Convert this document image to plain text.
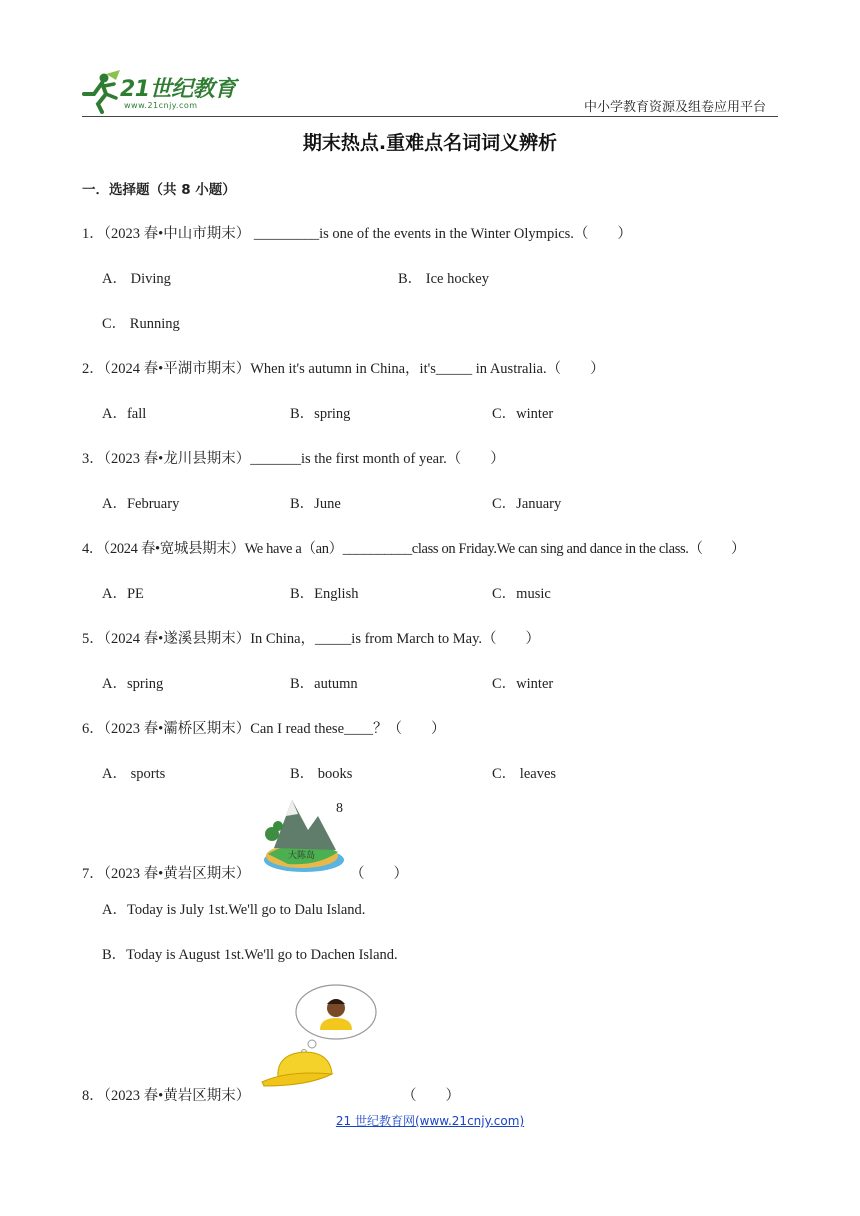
21世纪教育
www.21cnjy.com	中小学教育资源及组卷应用平台
期末热点.重难点名词词义辨析
一．选择题（共 8 小题）
1．（2023 春•中山市期末） _________is one of the events in the Winter Olympics.（　　）
A． Diving	B． Ice hockey
C． Running
2．（2024 春•平湖市期末）When it's autumn in China，it's_____ in Australia.（　　）
A．fall	B．spring	C．winter
3．（2023 春•龙川县期末）_______is the first month of year.（　　）
A．February	B．June	C．January
4．（2024 春•宽城县期末）We have a（an）__________class on Friday.We can sing and dance in the class.（　　）
A．PE	B．English	C．music
5．（2024 春•遂溪县期末）In China，_____is from March to May.（　　）
A．spring	B．autumn	C．winter
6．（2023 春•灞桥区期末）Can I read these____？（　　）
A． sports	B． books	C． leaves
8
大陈岛
7．（2023 春•黄岩区期末）	（　　）
A．Today is July 1st.We'll go to Dalu Island.
B．Today is August 1st.We'll go to Dachen Island.
8．（2023 春•黄岩区期末）	（　　）
21 世纪教育网(www.21cnjy.com)
